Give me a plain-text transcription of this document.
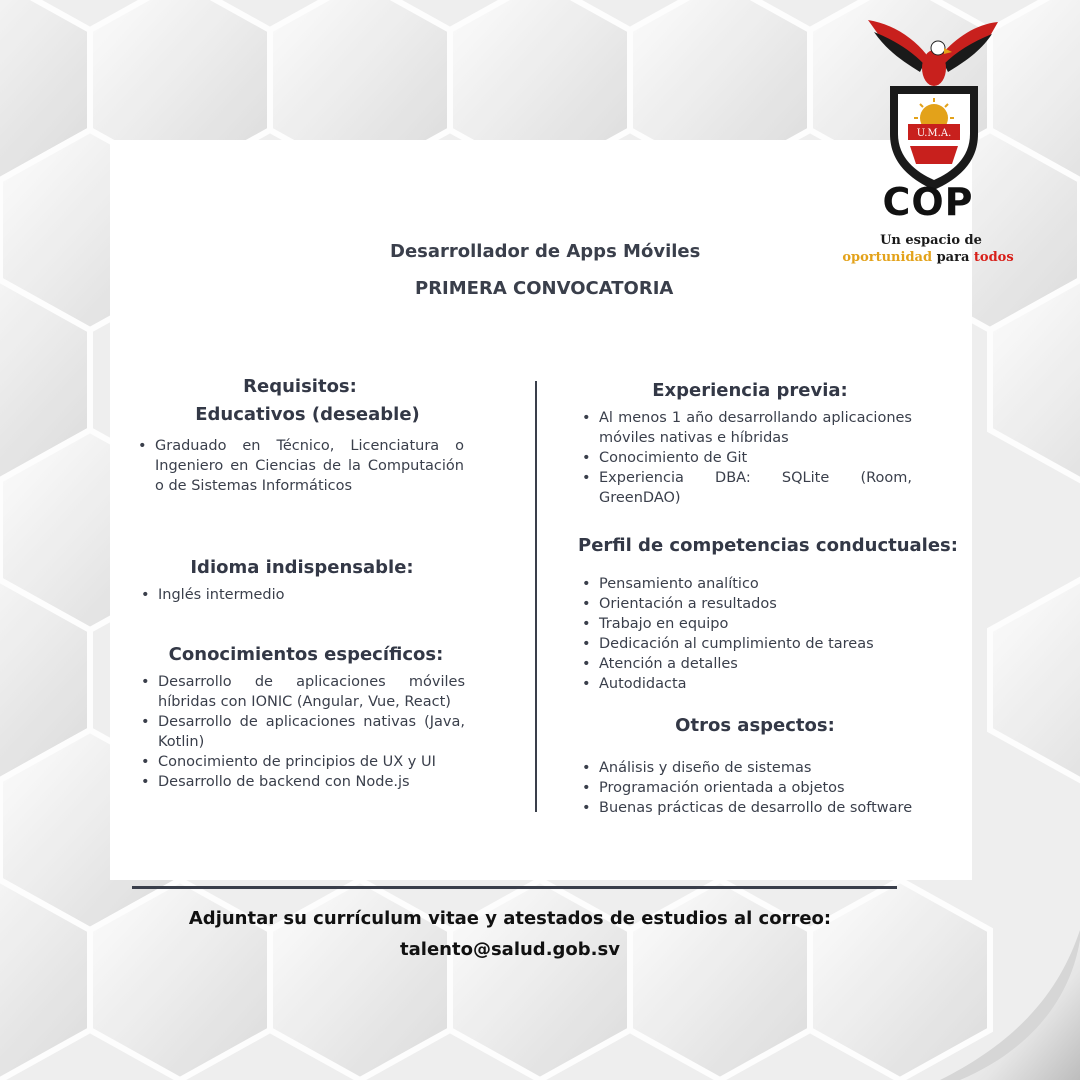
U.M.A.
COP
Un espacio de
oportunidad para todos
Desarrollador de Apps Móviles
PRIMERA CONVOCATORIA
Requisitos:
Educativos (deseable)
• Graduado en Técnico, Licenciatura o Ingeniero en Ciencias de la Computación o de Sistemas Informáticos
Idioma indispensable:
• Inglés intermedio
Conocimientos específicos:
• Desarrollo de aplicaciones móviles híbridas con IONIC (Angular, Vue, React)
• Desarrollo de aplicaciones nativas (Java, Kotlin)
• Conocimiento de principios de UX y UI
• Desarrollo de backend con Node.js
Experiencia previa:
• Al menos 1 año desarrollando aplicaciones móviles nativas e híbridas
• Conocimiento de Git
• Experiencia DBA: SQLite (Room, GreenDAO)
Perfil de competencias conductuales:
• Pensamiento analítico
• Orientación a resultados
• Trabajo en equipo
• Dedicación al cumplimiento de tareas
• Atención a detalles
• Autodidacta
Otros aspectos:
• Análisis y diseño de sistemas
• Programación orientada a objetos
• Buenas prácticas de desarrollo de software
Adjuntar su currículum vitae y atestados de estudios al correo:
talento@salud.gob.sv
